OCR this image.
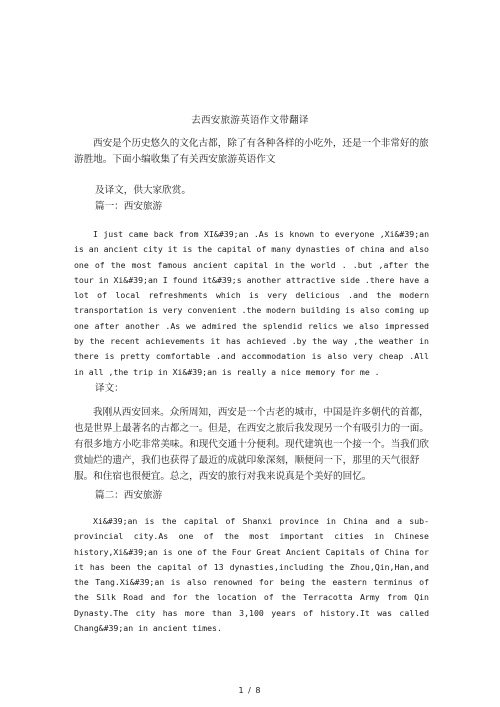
去西安旅游英语作文带翻译
西安是个历史悠久的文化古都，除了有各种各样的小吃外，还是一个非常好的旅游胜地。下面小编收集了有关西安旅游英语作文
及译文，供大家欣赏。
篇一：西安旅游
I just came back from XI&#39;an .As is known to everyone ,Xi&#39;an is an ancient city it is the capital of many dynasties of china and also one of the most famous ancient capital in the world . .but ,after the tour in Xi&#39;an I found it&#39;s another attractive side .there have a lot of local refreshments which is very delicious .and the modern transportation is very convenient .the modern building is also coming up one after another .As we admired the splendid relics we also impressed by the recent achievements it has achieved .by the way ,the weather in there is pretty comfortable .and accommodation is also very cheap .All in all ,the trip in Xi&#39;an is really a nice memory for me .
译文：
我刚从西安回来。众所周知，西安是一个古老的城市，中国是许多朝代的首都，也是世界上最著名的古都之一。但是，在西安之旅后我发现另一个有吸引力的一面。有很多地方小吃非常美味。和现代交通十分便利。现代建筑也一个接一个。当我们欣赏灿烂的遗产，我们也获得了最近的成就印象深刻，顺便问一下，那里的天气很舒服。和住宿也很便宜。总之，西安的旅行对我来说真是个美好的回忆。
篇二：西安旅游
Xi&#39;an is the capital of Shanxi province in China and a sub-provincial city.As one of the most important cities in Chinese history,Xi&#39;an is one of the Four Great Ancient Capitals of China for it has been the capital of 13 dynasties,including the Zhou,Qin,Han,and the Tang.Xi&#39;an is also renowned for being the eastern terminus of the Silk Road and for the location of the Terracotta Army from Qin Dynasty.The city has more than 3,100 years of history.It was called Chang&#39;an in ancient times.
1 / 8
